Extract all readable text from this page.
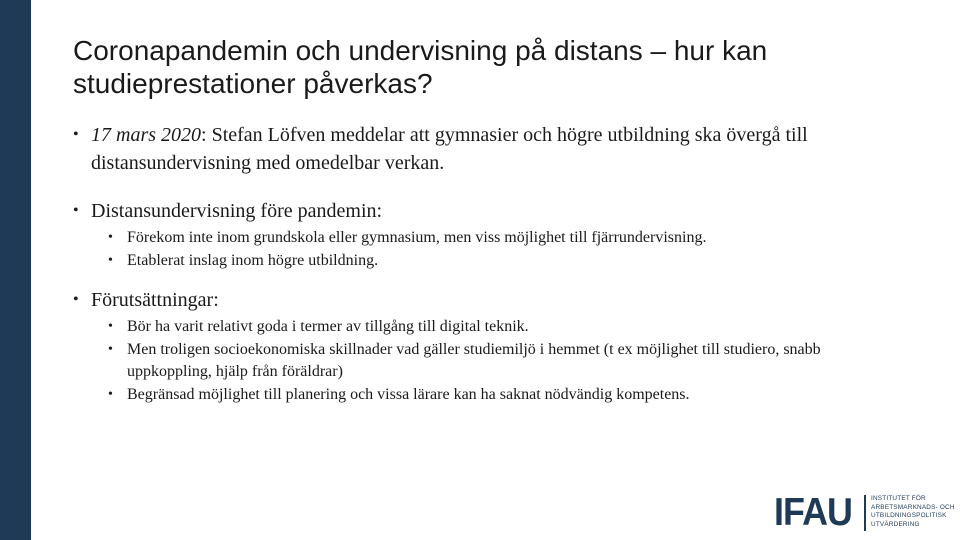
Coronapandemin och undervisning på distans – hur kan studieprestationer påverkas?
• 17 mars 2020: Stefan Löfven meddelar att gymnasier och högre utbildning ska övergå till distansundervisning med omedelbar verkan.
• Distansundervisning före pandemin:
• Förekom inte inom grundskola eller gymnasium, men viss möjlighet till fjärrundervisning.
• Etablerat inslag inom högre utbildning.
• Förutsättningar:
• Bör ha varit relativt goda i termer av tillgång till digital teknik.
• Men troligen socioekonomiska skillnader vad gäller studiemiljö i hemmet (t ex möjlighet till studiero, snabb uppkoppling, hjälp från föräldrar)
• Begränsad möjlighet till planering och vissa lärare kan ha saknat nödvändig kompetens.
IFAU	INSTITUTET FÖR
ARBETSMARKNADS- OCH
UTBILDNINGSPOLITISK
UTVÄRDERING
